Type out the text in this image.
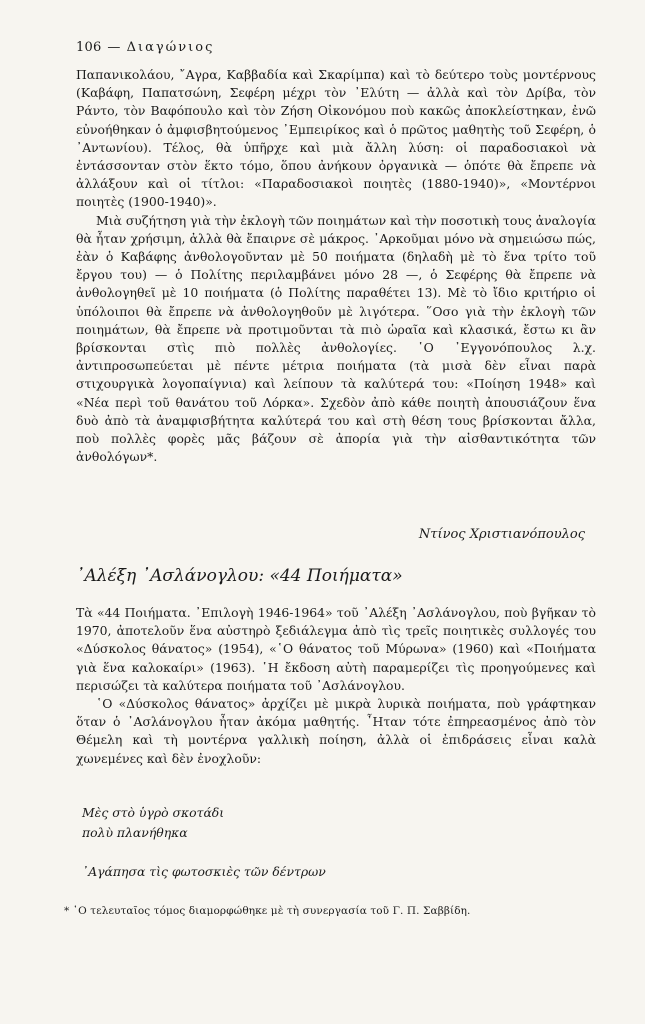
106 — Διαγώνιος

Παπανικολάου, ῎Αγρα, Καββαδία καὶ Σκαρίμπα) καὶ τὸ δεύτερο τοὺς μοντέρνους (Καβάφη, Παπατσώνη, Σεφέρη μέχρι τὸν ᾿Ελύτη — ἀλλὰ καὶ τὸν Δρίβα, τὸν Ράντο, τὸν Βαφόπουλο καὶ τὸν Ζήση Οἰκονόμου ποὺ κακῶς ἀποκλείστηκαν, ἐνῶ εὐνοήθηκαν ὁ ἀμφισβητούμενος ᾿Εμπειρίκος καὶ ὁ πρῶτος μαθητὴς τοῦ Σεφέρη, ὁ ᾿Αντωνίου). Τέλος, θὰ ὑπῆρχε καὶ μιὰ ἄλλη λύση: οἱ παραδοσιακοὶ νὰ ἐντάσσονταν στὸν ἕκτο τόμο, ὅπου ἀνήκουν ὀργανικὰ — ὁπότε θὰ ἔπρεπε νὰ ἀλλάξουν καὶ οἱ τίτλοι: «Παραδοσιακοὶ ποιητὲς (1880-1940)», «Μοντέρνοι ποιητὲς (1900-1940)».

Μιὰ συζήτηση γιὰ τὴν ἐκλογὴ τῶν ποιημάτων καὶ τὴν ποσοτικὴ τους ἀναλογία θὰ ἦταν χρήσιμη, ἀλλὰ θὰ ἔπαιρνε σὲ μάκρος. ᾿Αρκοῦμαι μόνο νὰ σημειώσω πώς, ἐὰν ὁ Καβάφης ἀνθολογοῦνταν μὲ 50 ποιήματα (δηλαδὴ μὲ τὸ ἕνα τρίτο τοῦ ἔργου του) — ὁ Πολίτης περιλαμβάνει μόνο 28 —, ὁ Σεφέρης θὰ ἔπρεπε νὰ ἀνθολογηθεῖ μὲ 10 ποιήματα (ὁ Πολίτης παραθέτει 13). Μὲ τὸ ἴδιο κριτήριο οἱ ὑπόλοιποι θὰ ἔπρεπε νὰ ἀνθολογηθοῦν μὲ λιγότερα. ῞Οσο γιὰ τὴν ἐκλογὴ τῶν ποιημάτων, θὰ ἔπρεπε νὰ προτιμοῦνται τὰ πιὸ ὡραῖα καὶ κλασικά, ἔστω κι ἂν βρίσκονται στὶς πιὸ πολλὲς ἀνθολογίες. ῾Ο ᾿Εγγονόπουλος λ.χ. ἀντιπροσωπεύεται μὲ πέντε μέτρια ποιήματα (τὰ μισὰ δὲν εἶναι παρὰ στιχουργικὰ λογοπαίγνια) καὶ λείπουν τὰ καλύτερά του: «Ποίηση 1948» καὶ «Νέα περὶ τοῦ θανάτου τοῦ Λόρκα». Σχεδὸν ἀπὸ κάθε ποιητὴ ἀπουσιάζουν ἕνα δυὸ ἀπὸ τὰ ἀναμφισβήτητα καλύτερά του καὶ στὴ θέση τους βρίσκονται ἄλλα, ποὺ πολλὲς φορὲς μᾶς βάζουν σὲ ἀπορία γιὰ τὴν αἰσθαντικότητα τῶν ἀνθολόγων*.

Ντίνος Χριστιανόπουλος
᾿Αλέξη ᾿Ασλάνογλου: «44 Ποιήματα»

Τὰ «44 Ποιήματα. ᾿Επιλογὴ 1946-1964» τοῦ ᾿Αλέξη ᾿Ασλάνογλου, ποὺ βγῆκαν τὸ 1970, ἀποτελοῦν ἕνα αὐστηρὸ ξεδιάλεγμα ἀπὸ τὶς τρεῖς ποιητικὲς συλλογές του «Δύσκολος θάνατος» (1954), «῾Ο θάνατος τοῦ Μύρωνα» (1960) καὶ «Ποιήματα γιὰ ἕνα καλοκαίρι» (1963). ῾Η ἔκδοση αὐτὴ παραμερίζει τὶς προηγούμενες καὶ περισώζει τὰ καλύτερα ποιήματα τοῦ ᾿Ασλάνογλου.

῾Ο «Δύσκολος θάνατος» ἀρχίζει μὲ μικρὰ λυρικὰ ποιήματα, ποὺ γράφτηκαν ὅταν ὁ ᾿Ασλάνογλου ἦταν ἀκόμα μαθητής. ῏Ηταν τότε ἐπηρεασμένος ἀπὸ τὸν Θέμελη καὶ τὴ μοντέρνα γαλλικὴ ποίηση, ἀλλὰ οἱ ἐπιδράσεις εἶναι καλὰ χωνεμένες καὶ δὲν ἐνοχλοῦν:

Μὲς στὸ ὑγρὸ σκοτάδι
πολὺ πλανήθηκα
᾿Αγάπησα τὶς φωτοσκιὲς τῶν δέντρων
* ῾Ο τελευταῖος τόμος διαμορφώθηκε μὲ τὴ συνεργασία τοῦ Γ. Π. Σαββίδη.
